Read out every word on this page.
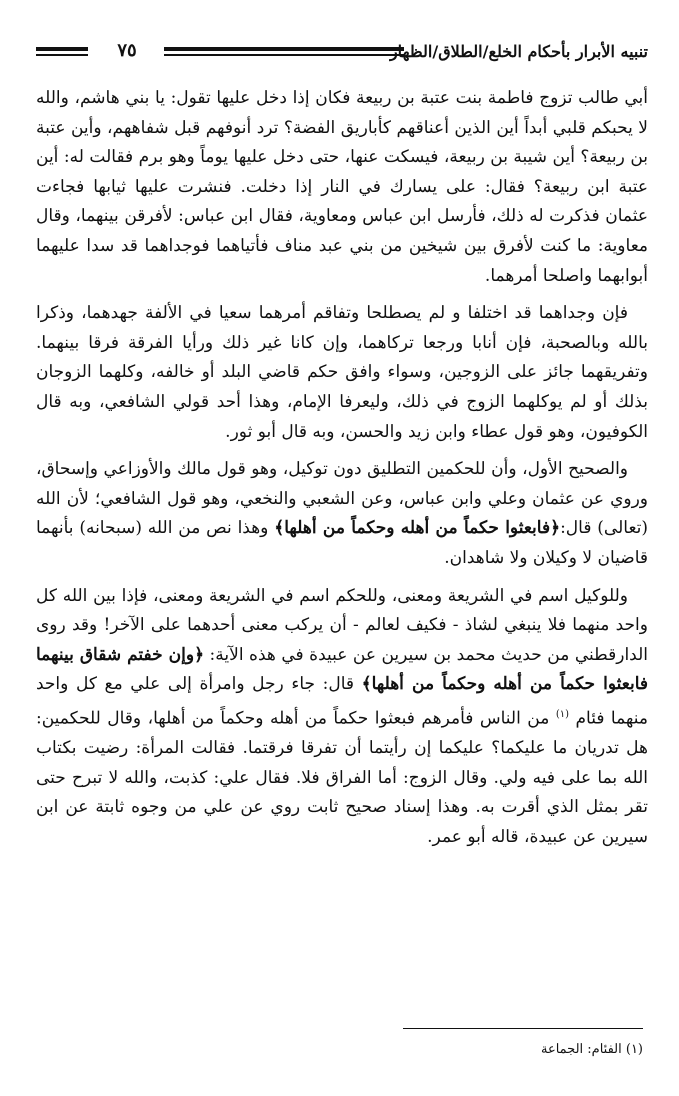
٧٥	تنبيه الأبرار بأحكام الخلع/الطلاق/الظهار

أبي طالب تزوج فاطمة بنت عتبة بن ربيعة فكان إذا دخل عليها تقول: يا بني هاشم، والله لا يحبكم قلبي أبداً أين الذين أعناقهم كأباريق الفضة؟ ترد أنوفهم قبل شفاههم، وأين عتبة بن ربيعة؟ أين شيبة بن ربيعة، فيسكت عنها، حتى دخل عليها يوماً وهو برم فقالت له: أين عتبة ابن ربيعة؟ فقال: على يسارك في النار إذا دخلت. فنشرت عليها ثيابها فجاءت عثمان فذكرت له ذلك، فأرسل ابن عباس ومعاوية، فقال ابن عباس: لأفرقن بينهما، وقال معاوية: ما كنت لأفرق بين شيخين من بني عبد مناف فأتياهما فوجداهما قد سدا عليهما أبوابهما واصلحا أمرهما.

فإن وجداهما قد اختلفا و لم يصطلحا وتفاقم أمرهما سعيا في الألفة جهدهما، وذكرا بالله وبالصحبة، فإن أنابا ورجعا تركاهما، وإن كانا غير ذلك ورأيا الفرقة فرقا بينهما. وتفريقهما جائز على الزوجين، وسواء وافق حكم قاضي البلد أو خالفه، وكلهما الزوجان بذلك أو لم يوكلهما الزوج في ذلك، وليعرفا الإمام، وهذا أحد قولي الشافعي، وبه قال الكوفيون، وهو قول عطاء وابن زيد والحسن، وبه قال أبو ثور.

والصحيح الأول، وأن للحكمين التطليق دون توكيل، وهو قول مالك والأوزاعي وإسحاق، وروي عن عثمان وعلي وابن عباس، وعن الشعبي والنخعي، وهو قول الشافعي؛ لأن الله (تعالى) قال:﴿فابعثوا حكماً من أهله وحكماً من أهلها﴾ وهذا نص من الله (سبحانه) بأنهما قاضيان لا وكيلان ولا شاهدان.

وللوكيل اسم في الشريعة ومعنى، وللحكم اسم في الشريعة ومعنى، فإذا بين الله كل واحد منهما فلا ينبغي لشاذ - فكيف لعالم - أن يركب معنى أحدهما على الآخر! وقد روى الدارقطني من حديث محمد بن سيرين عن عبيدة في هذه الآية: ﴿وإن خفتم شقاق بينهما فابعثوا حكماً من أهله وحكماً من أهلها﴾ قال: جاء رجل وامرأة إلى علي مع كل واحد منهما فئام $^{(١)}$ من الناس فأمرهم فبعثوا حكماً من أهله وحكماً من أهلها، وقال للحكمين: هل تدريان ما عليكما؟ عليكما إن رأيتما أن تفرقا فرقتما. فقالت المرأة: رضيت بكتاب الله بما على فيه ولي. وقال الزوج: أما الفراق فلا. فقال علي: كذبت، والله لا تبرح حتى تقر بمثل الذي أقرت به. وهذا إسناد صحيح ثابت روي عن علي من وجوه ثابتة عن ابن سيرين عن عبيدة، قاله أبو عمر.

(١) الفئام: الجماعة
